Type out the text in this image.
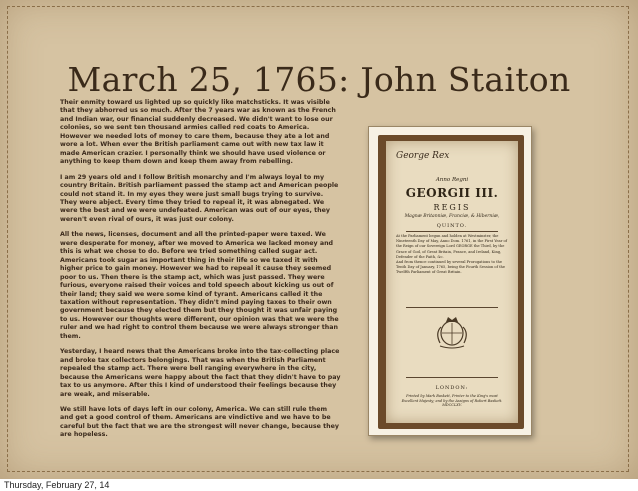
March 25, 1765: John Staiton

Their enmity toward us lighted up so quickly like matchsticks. It was visible that they abhorred us so much. After the 7 years war as known as the French and Indian war, our financial suddenly decreased. We didn't want to lose our colonies, so we sent ten thousand armies called red coats to America. However we needed lots of money to care them, because they ate a lot and wore a lot. When ever the British parliament came out with new tax law it made American crazier. I personally think we should have used violence or anything to keep them down and keep them away from rebelling.

I am 29 years old and I follow British monarchy and I'm always loyal to my country Britain. British parliament passed the stamp act and American people could not stand it. In my eyes they were just small bugs trying to survive. They were abject. Every time they tried to repeal it, it was abnegated. We were the best and we were undefeated. American was out of our eyes, they weren't even rival of ours, it was just our colony.

All the news, licenses, document and all the printed-paper were taxed. We were desperate for money, after we moved to America we lacked money and this is what we chose to do. Before we tried something called sugar act. Americans took sugar as important thing in their life so we taxed it with higher price to gain money. However we had to repeal it cause they seemed poor to us. Then there is the stamp act, which was just passed. They were furious, everyone raised their voices and told speech about kicking us out of their land; they said we were some kind of tyrant. Americans called it the taxation without representation. They didn't mind paying taxes to their own government because they elected them but they thought it was unfair paying to us. However our thoughts were different, our opinion was that we were the ruler and we had right to control them because we were always stronger than them.

Yesterday, I heard news that the Americans broke into the tax-collecting place and broke tax collectors belongings. That was when the British Parliament repealed the stamp act. There were bell ranging everywhere in the city, because the Americans were happy about the fact that they didn't have to pay tax to us anymore. After this I kind of understood their feelings because they are weak, and miserable.

We still have lots of days left in our colony, America. We can still rule them and get a good control of them. Americans are vindictive and we have to be careful but the fact that we are the strongest will never change, because they are hopeless.

George Rex
Anno Regni
GEORGII III.
REGIS
Magnæ Britanniæ, Franciæ, & Hiberniæ,
QUINTO.
At the Parliament begun and holden at Westminster, the Nineteenth Day of May, Anno Dom. 1761, in the First Year of the Reign of our Sovereign Lord GEORGE the Third, by the Grace of God, of Great Britain, France, and Ireland, King, Defender of the Faith, &c.
And from thence continued by several Prorogations to the Tenth Day of January, 1765, being the Fourth Session of the Twelfth Parliament of Great Britain.
LONDON:
Printed by Mark Baskett, Printer to the King's most Excellent Majesty; and by the Assigns of Robert Baskett. MDCCLXV.
Thursday, February 27, 14
